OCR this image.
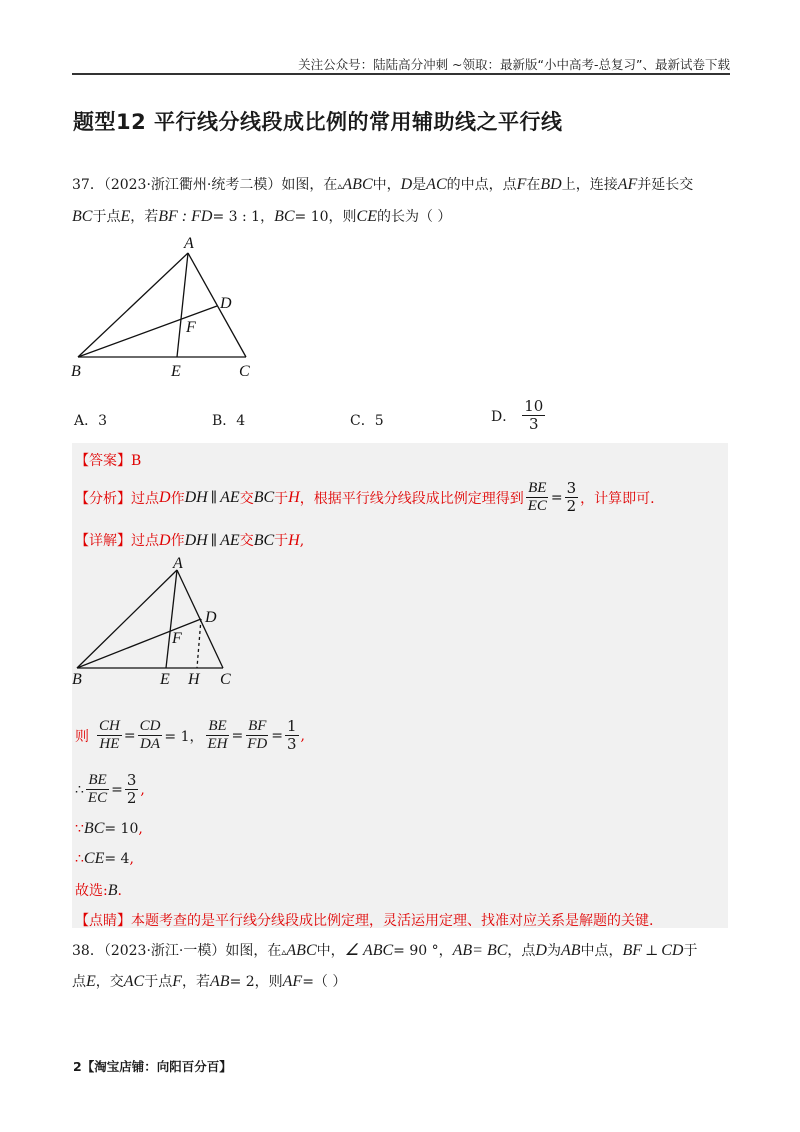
关注公众号：陆陆高分冲刺 ~领取：最新版“小中高考-总复习”、最新试卷下载
题型12 平行线分线段成比例的常用辅助线之平行线
37．（2023·浙江衢州·统考二模）如图，在▵ABC中，D是AC的中点，点F在BD上，连接AF并延长交
BC于点E，若BF : FD= 3 : 1，BC= 10，则CE的长为（ ）
A
D
F
B	E	C
A．3	B．4	C．5	D． $\frac{10}{3}$
【答案】B
【分析】 过点 D 作 DH ∥ AE 交 BC 于 H ，根据平行线分线段成比例定理得到 $\frac{BE}{EC} = \frac{3}{2}$ ，计算即可.
【详解】过点D作DH ∥ AE交BC于H,
A
D
F
B	E H C
则 $\frac{CH}{HE} = \frac{CD}{DA} = 1$， $\frac{BE}{EH} = \frac{BF}{FD} = \frac{1}{3}$ ,
∴ $\frac{BE}{EC} = \frac{3}{2}$ ,
∵BC= 10,
∴CE= 4,
故选:B.
【点睛】本题考查的是平行线分线段成比例定理，灵活运用定理、找准对应关系是解题的关键.
38．（2023·浙江·一模）如图，在▵ABC中，∠ ABC= 90 °，AB= BC，点D为AB中点，BF ⊥ CD于
点E，交AC于点F，若AB= 2，则AF=（ ）
2【淘宝店铺：向阳百分百】
